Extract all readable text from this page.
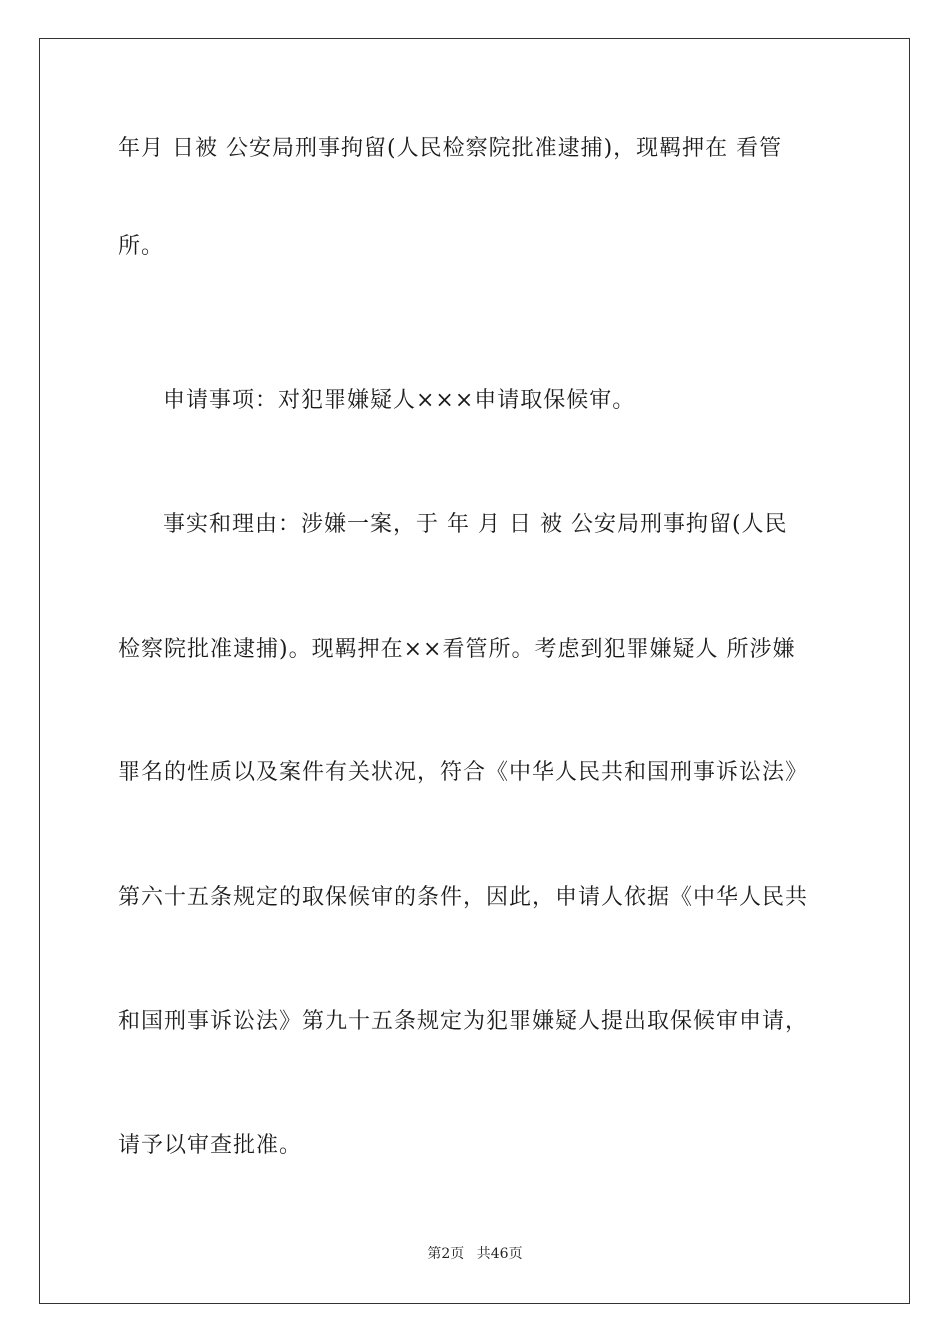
年月 日被 公安局刑事拘留(人民检察院批准逮捕)，现羁押在 看管
所。
申请事项：对犯罪嫌疑人×××申请取保候审。
事实和理由：涉嫌一案，于 年 月 日 被 公安局刑事拘留(人民
检察院批准逮捕)。现羁押在××看管所。考虑到犯罪嫌疑人 所涉嫌
罪名的性质以及案件有关状况，符合《中华人民共和国刑事诉讼法》
第六十五条规定的取保候审的条件，因此，申请人依据《中华人民共
和国刑事诉讼法》第九十五条规定为犯罪嫌疑人提出取保候审申请，
请予以审查批准。
第2页 共46页
